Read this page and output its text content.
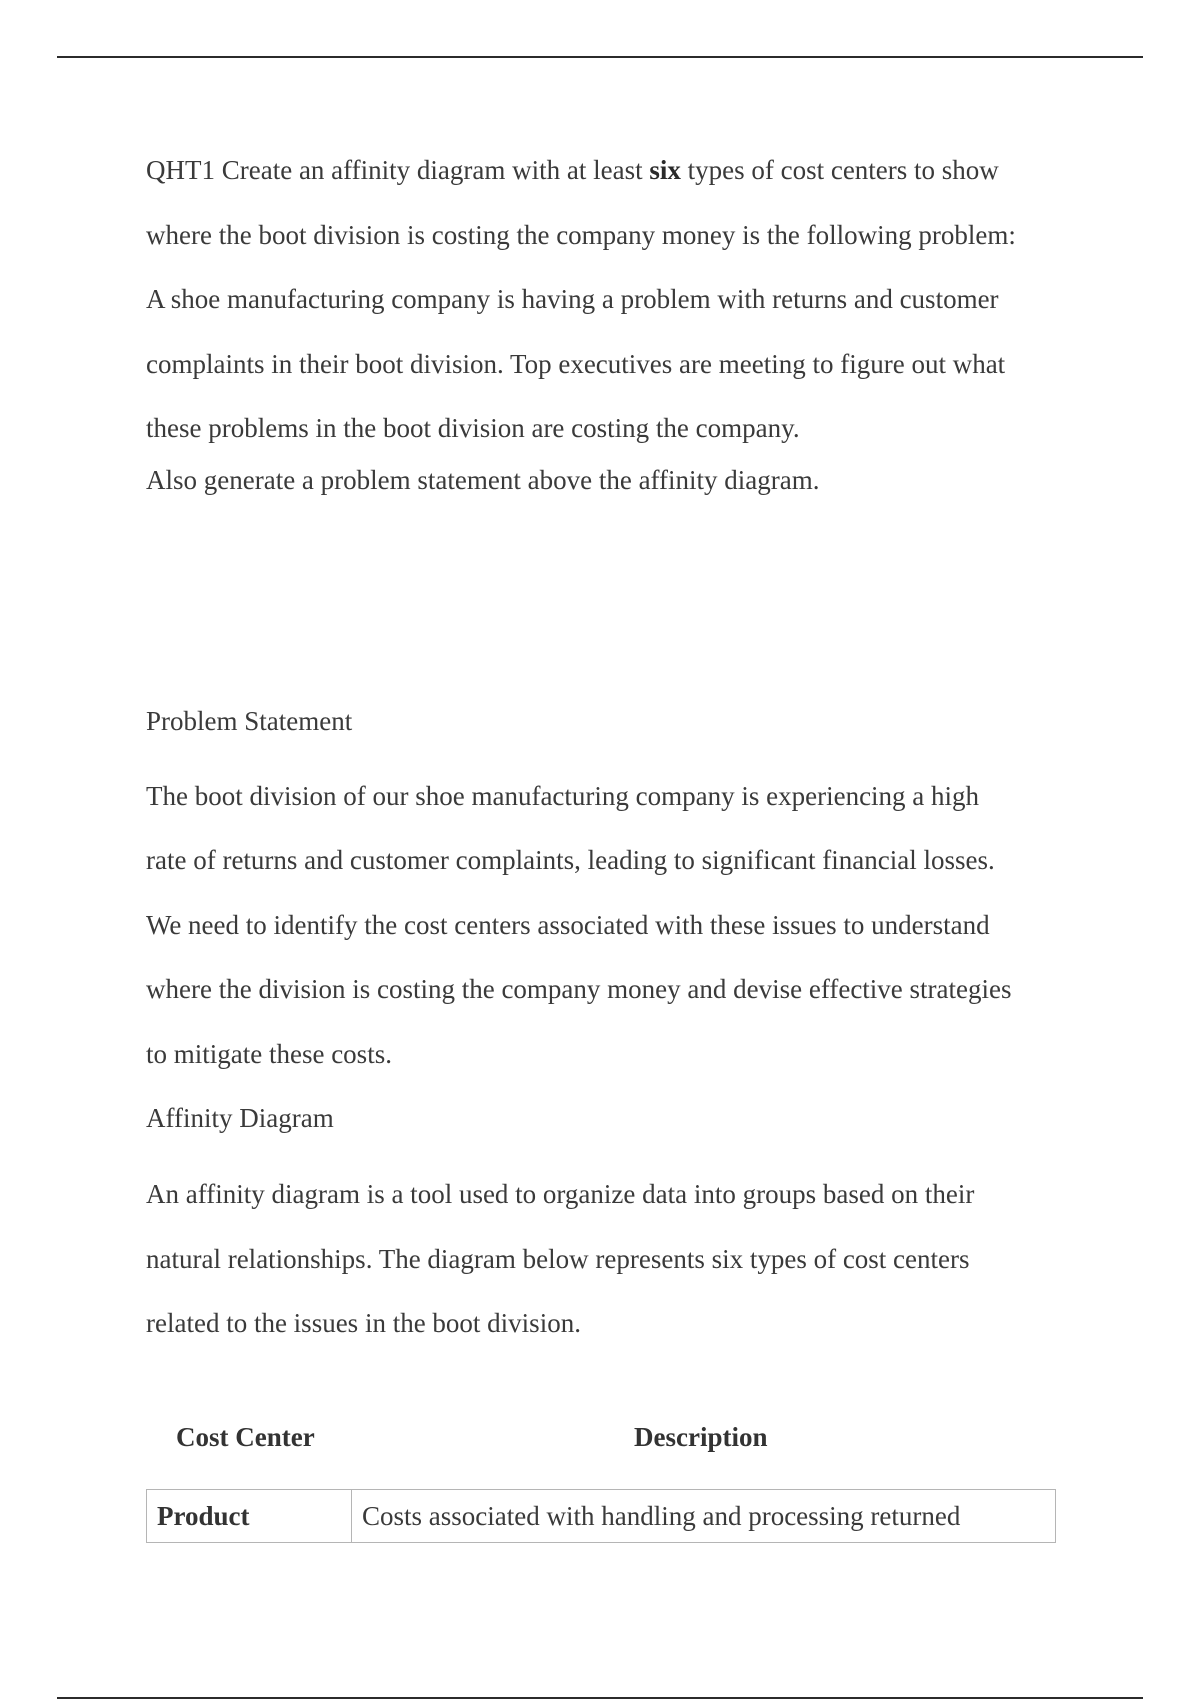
QHT1 Create an affinity diagram with at least six types of cost centers to show
where the boot division is costing the company money is the following problem:
A shoe manufacturing company is having a problem with returns and customer
complaints in their boot division. Top executives are meeting to figure out what
these problems in the boot division are costing the company.
Also generate a problem statement above the affinity diagram.
Problem Statement
The boot division of our shoe manufacturing company is experiencing a high
rate of returns and customer complaints, leading to significant financial losses.
We need to identify the cost centers associated with these issues to understand
where the division is costing the company money and devise effective strategies
to mitigate these costs.
Affinity Diagram
An affinity diagram is a tool used to organize data into groups based on their
natural relationships. The diagram below represents six types of cost centers
related to the issues in the boot division.
Cost Center	Description
Product	Costs associated with handling and processing returned
